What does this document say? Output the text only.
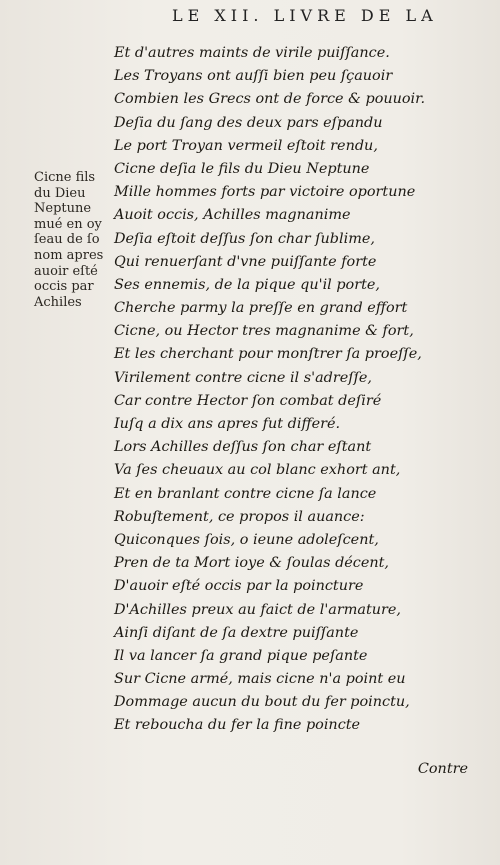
LE XII. LIVRE DE LA
Et d'autres maints de virile puiſſance.
Les Troyans ont auſſi bien peu ſçauoir
Combien les Grecs ont de force & pouuoir.
Deſia du ſang des deux pars eſpandu
Le port Troyan vermeil eſtoit rendu,
Cicne deſia le fils du Dieu Neptune
Mille hommes forts par victoire oportune
Auoit occis, Achilles magnanime
Deſia eſtoit deſſus ſon char ſublime,
Qui renuerſant d'vne puiſſante forte
Ses ennemis, de la pique qu'il porte,
Cherche parmy la preſſe en grand effort
Cicne, ou Hector tres magnanime & fort,
Et les cherchant pour monſtrer ſa proeſſe,
Virilement contre cicne il s'adreſſe,
Car contre Hector ſon combat deſiré
Iuſq a dix ans apres fut differé.
Lors Achilles deſſus ſon char eſtant
Va ſes cheuaux au col blanc exhort ant,
Et en branlant contre cicne ſa lance
Robuſtement, ce propos il auance:
Quiconques ſois, o ieune adoleſcent,
Pren de ta Mort ioye & ſoulas décent,
D'auoir eſté occis par la poincture
D'Achilles preux au faict de l'armature,
Ainſi diſant de ſa dextre puiſſante
Il va lancer ſa grand pique peſante
Sur Cicne armé, mais cicne n'a point eu
Dommage aucun du bout du fer poinctu,
Et reboucha du fer la fine poincte
Cicne fils
du Dieu
Neptune
mué en oy
ſeau de ſo
nom apres
auoir eſté
occis par
Achiles
Contre
